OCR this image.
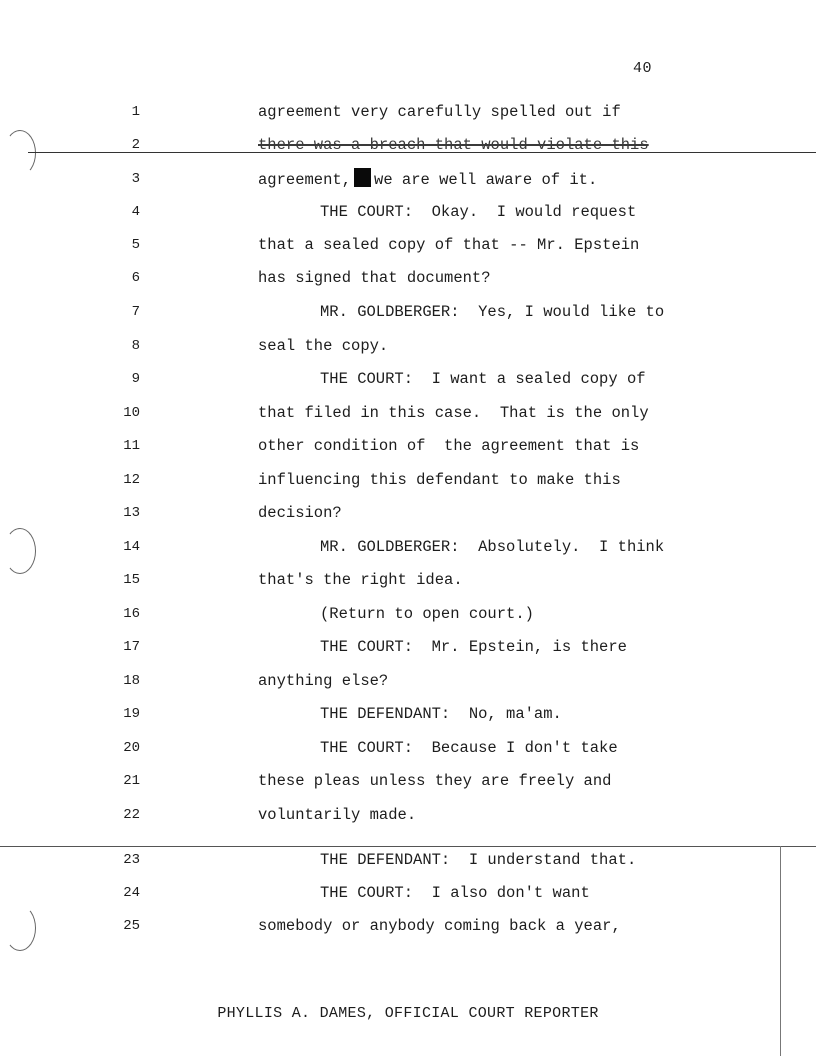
40
1	agreement very carefully spelled out if
2	there was a breach that would violate this
3	agreement, we are well aware of it.
4	THE COURT:  Okay.  I would request
5	that a sealed copy of that -- Mr. Epstein
6	has signed that document?
7	MR. GOLDBERGER:  Yes, I would like to
8	seal the copy.
9	THE COURT:  I want a sealed copy of
10	that filed in this case.  That is the only
11	other condition of  the agreement that is
12	influencing this defendant to make this
13	decision?
14	MR. GOLDBERGER:  Absolutely.  I think
15	that's the right idea.
16	(Return to open court.)
17	THE COURT:  Mr. Epstein, is there
18	anything else?
19	THE DEFENDANT:  No, ma'am.
20	THE COURT:  Because I don't take
21	these pleas unless they are freely and
22	voluntarily made.
23	THE DEFENDANT:  I understand that.
24	THE COURT:  I also don't want
25	somebody or anybody coming back a year,
PHYLLIS A. DAMES, OFFICIAL COURT REPORTER
